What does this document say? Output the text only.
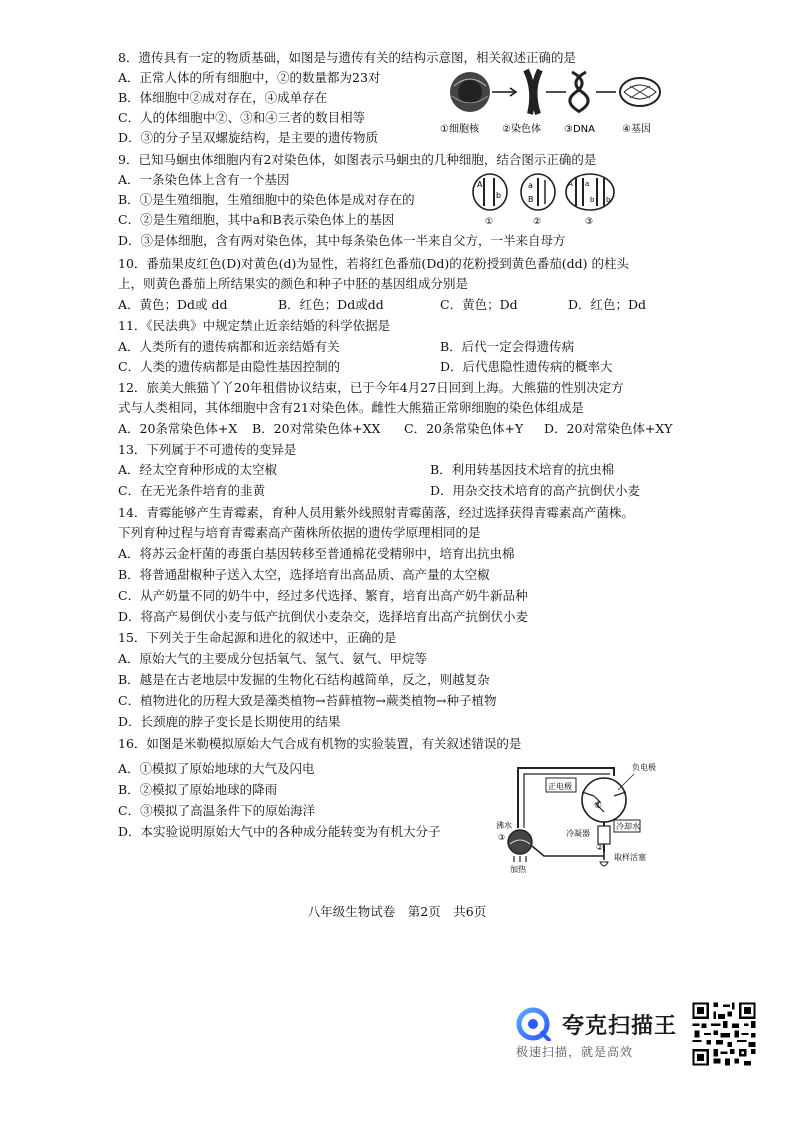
8．遗传具有一定的物质基础，如图是与遗传有关的结构示意图，相关叙述正确的是
A．正常人体的所有细胞中，②的数量都为23对
B．体细胞中②成对存在，④成单存在
C．人的体细胞中②、③和④三者的数目相等
D．③的分子呈双螺旋结构，是主要的遗传物质
①细胞核 ②染色体 ③DNA	④基因
9．已知马蛔虫体细胞内有2对染色体，如图表示马蛔虫的几种细胞，结合图示正确的是
A．一条染色体上含有一个基因
B．①是生殖细胞，生殖细胞中的染色体是成对存在的
C．②是生殖细胞，其中a和B表示染色体上的基因
D．③是体细胞，含有两对染色体，其中每条染色体一半来自父方，一半来自母方
A
b
①
a
B
②
A a
b b
③
10．番茄果皮红色(D)对黄色(d)为显性，若将红色番茄(Dd)的花粉授到黄色番茄(dd) 的柱头
上，则黄色番茄上所结果实的颜色和种子中胚的基因组成分别是
A．黄色；Dd或 dd	B．红色；Dd或dd	C．黄色；Dd	D．红色；Dd
11．《民法典》中规定禁止近亲结婚的科学依据是
A．人类所有的遗传病都和近亲结婚有关	B．后代一定会得遗传病
C．人类的遗传病都是由隐性基因控制的	D．后代患隐性遗传病的概率大
12．旅美大熊猫丫丫20年租借协议结束，已于今年4月27日回到上海。大熊猫的性别决定方
式与人类相同，其体细胞中含有21对染色体。雌性大熊猫正常卵细胞的染色体组成是
A．20条常染色体+X B．20对常染色体+XX C．20条常染色体+Y D．20对常染色体+XY
13．下列属于不可遗传的变异是
A．经太空育种形成的太空椒	B．利用转基因技术培育的抗虫棉
C．在无光条件培育的韭黄	D．用杂交技术培育的高产抗倒伏小麦
14．青霉能够产生青霉素，育种人员用紫外线照射青霉菌落，经过选择获得青霉素高产菌株。
下列育种过程与培育青霉素高产菌株所依据的遗传学原理相同的是
A．将苏云金杆菌的毒蛋白基因转移至普通棉花受精卵中，培育出抗虫棉
B．将普通甜椒种子送入太空，选择培育出高品质、高产量的太空椒
C．从产奶量不同的奶牛中，经过多代选择、繁育，培育出高产奶牛新品种
D．将高产易倒伏小麦与低产抗倒伏小麦杂交，选择培育出高产抗倒伏小麦
15．下列关于生命起源和进化的叙述中，正确的是
A．原始大气的主要成分包括氧气、氢气、氨气、甲烷等
B．越是在古老地层中发掘的生物化石结构越简单，反之，则越复杂
C．植物进化的历程大致是藻类植物→苔藓植物→蕨类植物→种子植物
D．长颈鹿的脖子变长是长期使用的结果
16．如图是米勒模拟原始大气合成有机物的实验装置，有关叙述错误的是
A．①模拟了原始地球的大气及闪电
B．②模拟了原始地球的降雨
C．③模拟了高温条件下的原始海洋
D．本实验说明原始大气中的各种成分能转变为有机大分子
①
负电极
正电极
冷凝器
②
冷却水
沸水
③
加热
取样活塞
八年级生物试卷　第2页　共6页
夸克扫描王
极速扫描，就是高效
